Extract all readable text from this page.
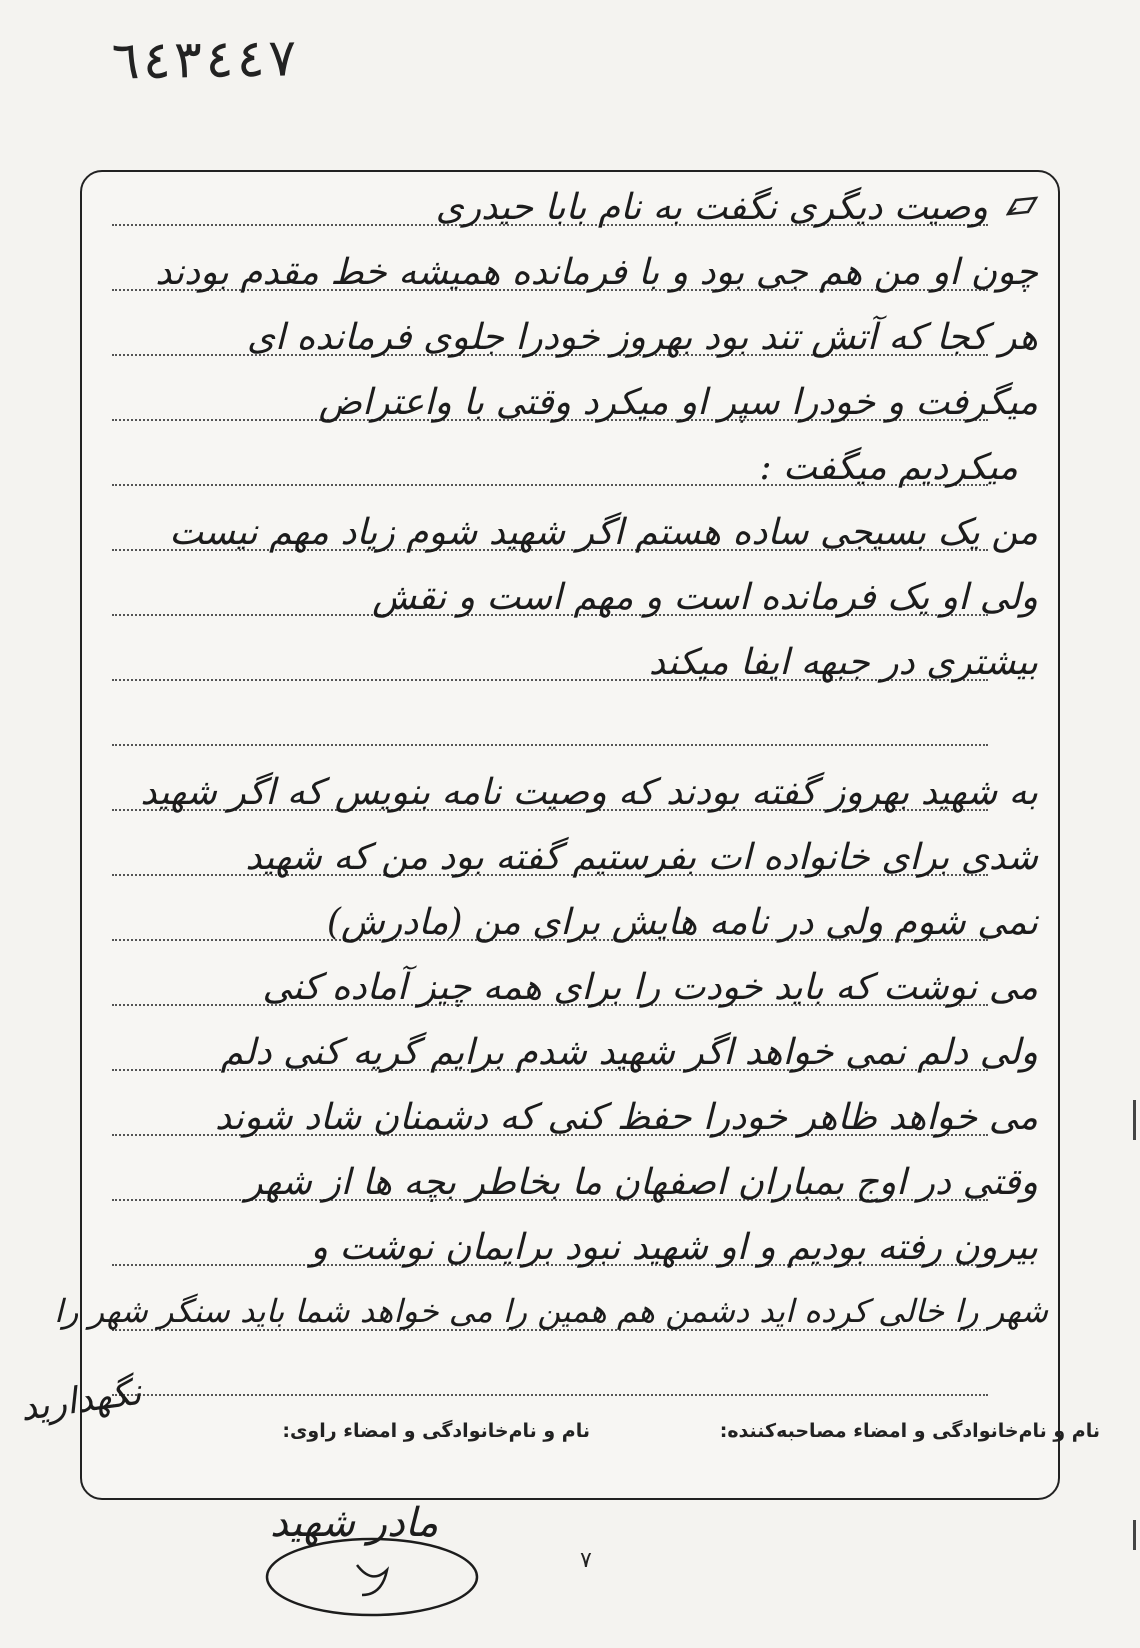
٦٤٣٤٤٧
وصیت دیگری نگفت به نام بابا حیدری
چون او من هم جی بود و با فرمانده همیشه خط مقدم بودند
هر کجا که آتش تند بود بهروز خودرا جلوی فرمانده ای
میگرفت و خودرا سپر او میکرد وقتی با واعتراض
میکردیم میگفت :
من یک بسیجی ساده هستم اگر شهید شوم زیاد مهم نیست
ولی او یک فرمانده است و مهم است و نقش
بیشتری در جبهه ایفا میکند
به شهید بهروز گفته بودند که وصیت نامه بنویس که اگر شهید
شدی برای خانواده ات بفرستیم گفته بود من که شهید
نمی شوم ولی در نامه هایش برای من (مادرش)
می نوشت که باید خودت را برای همه چیز آماده کنی
ولی دلم نمی خواهد اگر شهید شدم برایم گریه کنی دلم
می خواهد ظاهر خودرا حفظ کنی که دشمنان شاد شوند
وقتی در اوج بمباران اصفهان ما بخاطر بچه ها از شهر
بیرون رفته بودیم و او شهید نبود برایمان نوشت و
شهر را خالی کرده اید دشمن هم همین را می خواهد شما باید سنگر شهر را
نگهدارید
نام و نام‌خانوادگی و امضاء مصاحبه‌کننده:
نام و نام‌خانوادگی و امضاء راوی:
مادر شهید
۷
